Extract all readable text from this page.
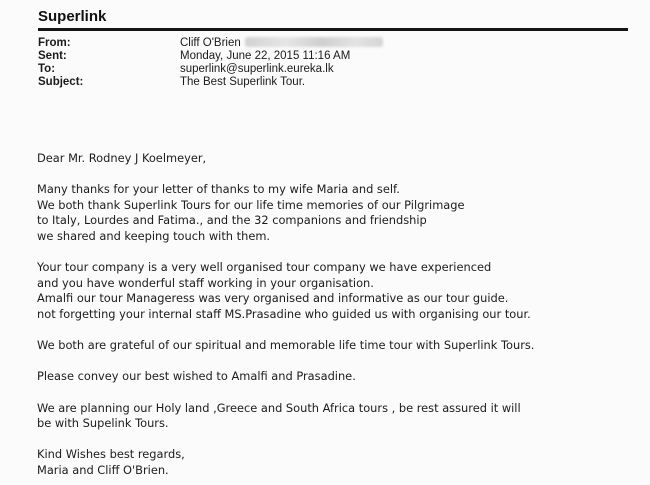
Superlink
From:	Cliff O'Brien
Sent:	Monday, June 22, 2015 11:16 AM
To:	superlink@superlink.eureka.lk
Subject:	The Best Superlink Tour.

Dear Mr. Rodney J Koelmeyer,

Many thanks for your letter of thanks to my wife Maria and self.
We both thank Superlink Tours for our life time memories of our Pilgrimage
to Italy, Lourdes and Fatima., and the 32 companions and friendship
we shared and keeping touch with them.

Your tour company is a very well organised tour company we have experienced
and you have wonderful staff working in your organisation.
Amalfi our tour Manageress was very organised and informative as our tour guide.
not forgetting your internal staff MS.Prasadine who guided us with organising our tour.

We both are grateful of our spiritual and memorable life time tour with Superlink Tours.

Please convey our best wished to Amalfi and Prasadine.

We are planning our Holy land ,Greece and South Africa tours , be rest assured it will
be with Supelink Tours.

Kind Wishes best regards,
Maria and Cliff O'Brien.
